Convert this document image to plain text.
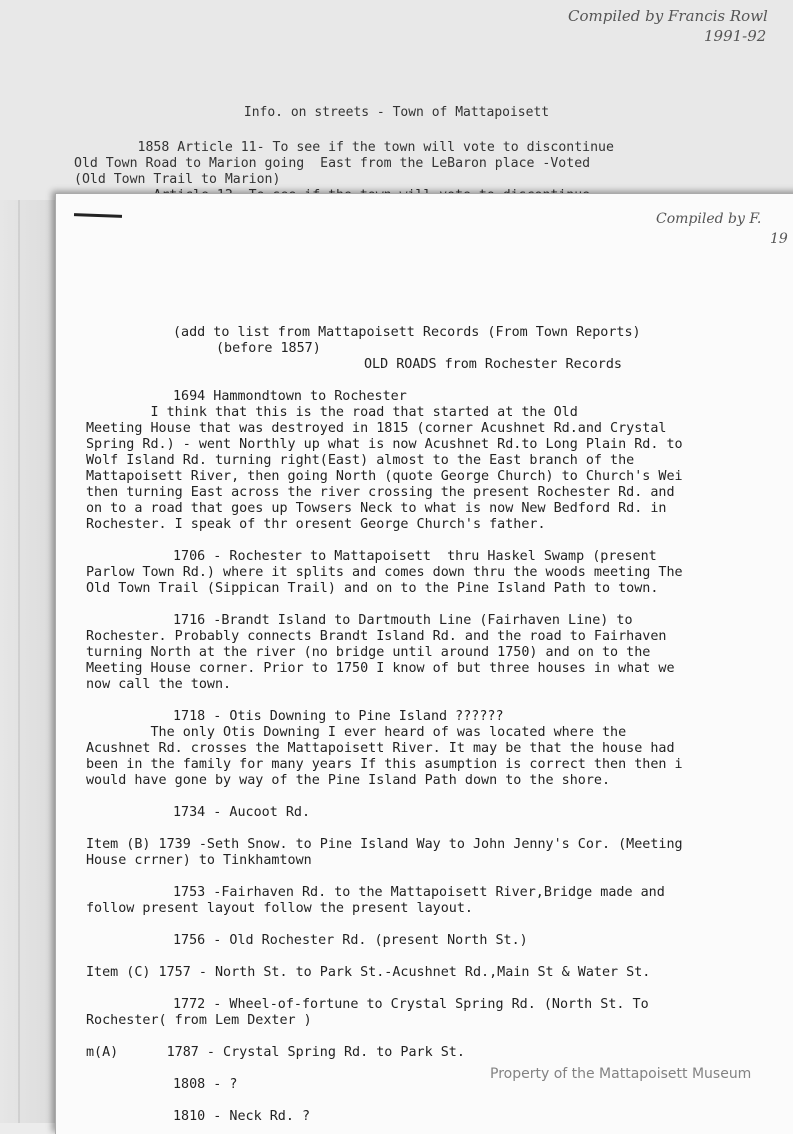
Compiled by Francis Rowl
1991-92
Info. on streets - Town of Mattapoisett
1858 Article 11- To see if the town will vote to discontinue
Old Town Road to Marion going  East from the LeBaron place -Voted
(Old Town Trail to Marion)

Compiled by F.
19

(add to list from Mattapoisett Records (From Town Reports)

(before 1857)

OLD ROADS from Rochester Records

1694 Hammondtown to Rochester

I think that this is the road that started at the Old
Meeting House that was destroyed in 1815 (corner Acushnet Rd.and Crystal
Spring Rd.) - went Northly up what is now Acushnet Rd.to Long Plain Rd. to
Wolf Island Rd. turning right(East) almost to the East branch of the
Mattapoisett River, then going North (quote George Church) to Church's Wei
then turning East across the river crossing the present Rochester Rd. and
on to a road that goes up Towsers Neck to what is now New Bedford Rd. in
Rochester. I speak of thr oresent George Church's father.

1706 - Rochester to Mattapoisett  thru Haskel Swamp (present

Parlow Town Rd.) where it splits and comes down thru the woods meeting The
Old Town Trail (Sippican Trail) and on to the Pine Island Path to town.

1716 -Brandt Island to Dartmouth Line (Fairhaven Line) to

Rochester. Probably connects Brandt Island Rd. and the road to Fairhaven
turning North at the river (no bridge until around 1750) and on to the
Meeting House corner. Prior to 1750 I know of but three houses in what we
now call the town.

1718 - Otis Downing to Pine Island ??????

The only Otis Downing I ever heard of was located where the
Acushnet Rd. crosses the Mattapoisett River. It may be that the house had
been in the family for many years If this asumption is correct then then i
would have gone by way of the Pine Island Path down to the shore.

1734 - Aucoot Rd.

Item (B) 1739 -Seth Snow. to Pine Island Way to John Jenny's Cor. (Meeting

House crrner) to Tinkhamtown

1753 -Fairhaven Rd. to the Mattapoisett River,Bridge made and

follow present layout follow the present layout.

1756 - Old Rochester Rd. (present North St.)

Item (C) 1757 - North St. to Park St.-Acushnet Rd.,Main St & Water St.

1772 - Wheel-of-fortune to Crystal Spring Rd. (North St. To

Rochester( from Lem Dexter )

m(A)      1787 - Crystal Spring Rd. to Park St.

1808 - ?

1810 - Neck Rd. ?

Property of the Mattapoisett Museum
